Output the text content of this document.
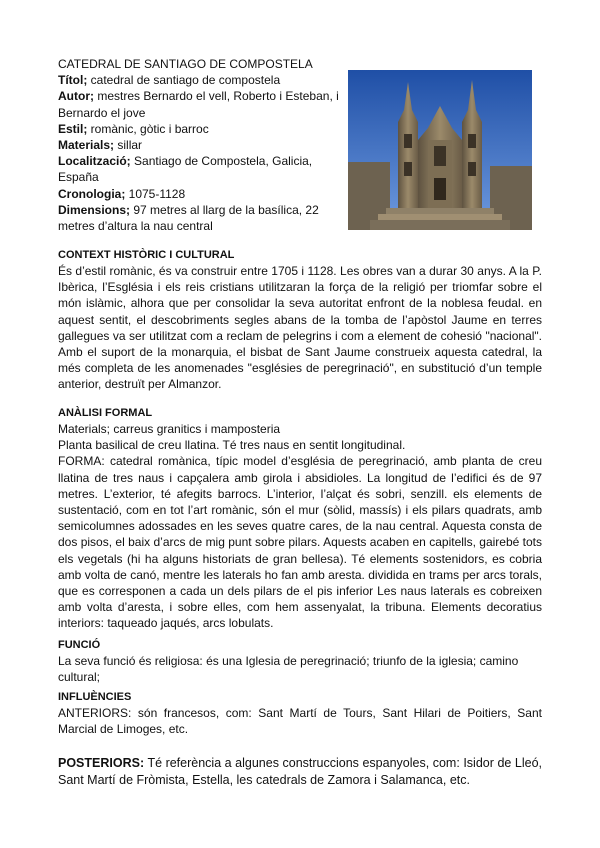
CATEDRAL DE SANTIAGO DE COMPOSTELA
Títol; catedral de santiago de compostela
Autor; mestres Bernardo el vell, Roberto i Esteban, i Bernardo el jove
Estil; romànic, gòtic i barroc
Materials; sillar
Localització; Santiago de Compostela, Galicia, España
Cronologia; 1075-1128
Dimensions; 97 metres al llarg de la basílica, 22 metres d’altura la nau central
CONTEXT HISTÒRIC I CULTURAL

És d’estil romànic, és va construir entre 1705 i 1128. Les obres van a durar 30 anys. A la P. Ibèrica, l’Església i els reis cristians utilitzaran la força de la religió per triomfar sobre el món islàmic, alhora que per consolidar la seva autoritat enfront de la noblesa feudal. en aquest sentit, el descobriments segles abans de la tomba de l’apòstol Jaume en terres gallegues va ser utilitzat com a reclam de pelegrins i com a element de cohesió "nacional". Amb el suport de la monarquia, el bisbat de Sant Jaume construeix aquesta catedral, la més completa de les anomenades "esglésies de peregrinació", en substitució d’un temple anterior, destruït per Almanzor.

ANÀLISI FORMAL
Materials; carreus granitics i mamposteria
Planta basilical de creu llatina. Té tres naus en sentit longitudinal.

FORMA: catedral romànica, típic model d’església de peregrinació, amb planta de creu llatina de tres naus i capçalera amb girola i absidioles. La longitud de l’edifici és de 97 metres. L’exterior, té afegits barrocs. L’interior, l’alçat és sobri, senzill. els elements de sustentació, com en tot l’art romànic, són el mur (sòlid, massís) i els pilars quadrats, amb semicolumnes adossades en les seves quatre cares, de la nau central. Aquesta consta de dos pisos, el baix d’arcs de mig punt sobre pilars. Aquests acaben en capitells, gairebé tots els vegetals (hi ha alguns historiats de gran bellesa). Té elements sostenidors, es cobria amb volta de canó, mentre les laterals ho fan amb aresta. dividida en trams per arcs torals, que es corresponen a cada un dels pilars de el pis inferior Les naus laterals es cobreixen amb volta d’aresta, i sobre elles, com hem assenyalat, la tribuna. Elements decoratius interiors: taqueado jaqués, arcs lobulats.

FUNCIÓ

La seva funció és religiosa: és una Iglesia de peregrinació; triunfo de la iglesia; camino cultural;

INFLUÈNCIES

ANTERIORS: són francesos, com: Sant Martí de Tours, Sant Hilari de Poitiers, Sant Marcial de Limoges, etc.

POSTERIORS: Té referència a algunes construccions espanyoles, com: Isidor de Lleó, Sant Martí de Fròmista, Estella, les catedrals de Zamora i Salamanca, etc.
